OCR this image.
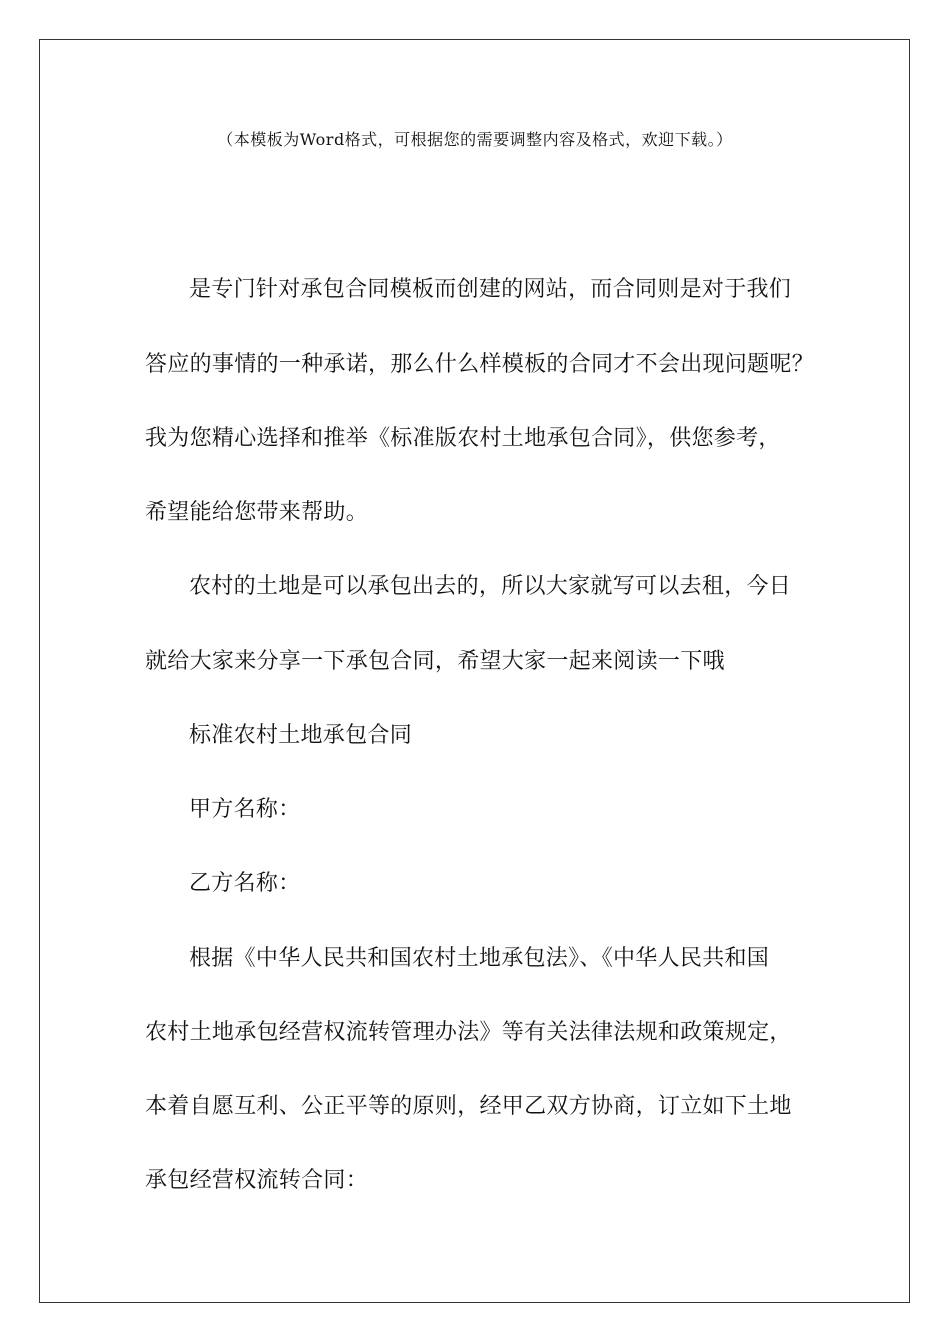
（本模板为Word格式，可根据您的需要调整内容及格式，欢迎下载。）
是专门针对承包合同模板而创建的网站，而合同则是对于我们
答应的事情的一种承诺，那么什么样模板的合同才不会出现问题呢？
我为您精心选择和推举《标准版农村土地承包合同》，供您参考，
希望能给您带来帮助。
农村的土地是可以承包出去的，所以大家就写可以去租，今日
就给大家来分享一下承包合同，希望大家一起来阅读一下哦
标准农村土地承包合同
甲方名称：
乙方名称：
根据《中华人民共和国农村土地承包法》、《中华人民共和国
农村土地承包经营权流转管理办法》等有关法律法规和政策规定，
本着自愿互利、公正平等的原则，经甲乙双方协商，订立如下土地
承包经营权流转合同：
